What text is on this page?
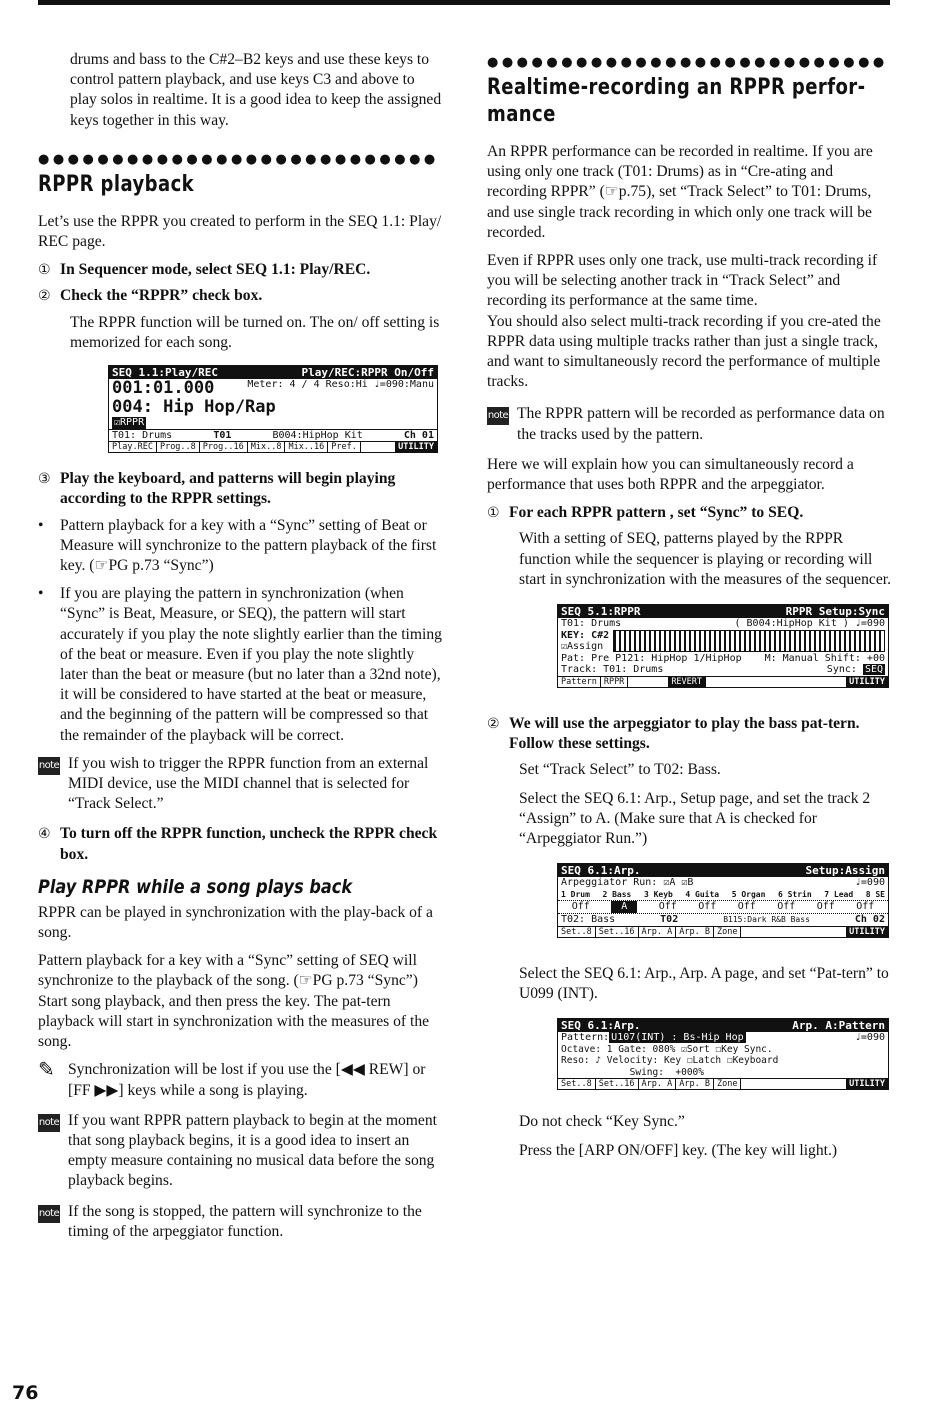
drums and bass to the C#2–B2 keys and use these keys to control pattern playback, and use keys C3 and above to play solos in realtime. It is a good idea to keep the assigned keys together in this way.

●●●●●●●●●●●●●●●●●●●●●●●●●●●
RPPR playback

Let’s use the RPPR you created to perform in the SEQ 1.1: Play/ REC page.

① In Sequencer mode, select SEQ 1.1: Play/REC.
② Check the “RPPR” check box.

The RPPR function will be turned on. The on/ off setting is memorized for each song.

SEQ 1.1:Play/REC	Play/REC:RPPR On/Off
001:01.000	Meter: 4 / 4 Reso:Hi ♩=090:Manu
004: Hip Hop/Rap
☑RPPR
T01: Drums	T01	B004:HipHop Kit	Ch 01
Play.REC Prog..8 Prog..16 Mix..8 Mix..16 Pref.	UTILITY
③ Play the keyboard, and patterns will begin playing according to the RPPR settings.
•	Pattern playback for a key with a “Sync” setting of Beat or Measure will synchronize to the pattern playback of the first key. (☞PG p.73 “Sync”)
•	If you are playing the pattern in synchronization (when “Sync” is Beat, Measure, or SEQ), the pattern will start accurately if you play the note slightly earlier than the timing of the beat or measure. Even if you play the note slightly later than the beat or measure (but no later than a 32nd note), it will be considered to have started at the beat or measure, and the beginning of the pattern will be compressed so that the remainder of the playback will be correct.
note If you wish to trigger the RPPR function from an external MIDI device, use the MIDI channel that is selected for “Track Select.”
④ To turn off the RPPR function, uncheck the RPPR check box.
Play RPPR while a song plays back

RPPR can be played in synchronization with the play-back of a song.

Pattern playback for a key with a “Sync” setting of SEQ will synchronize to the playback of the song. (☞PG p.73 “Sync”)

Start song playback, and then press the key. The pat-tern playback will start in synchronization with the measures of the song.

✎ Synchronization will be lost if you use the [◀◀ REW] or [FF ▶▶] keys while a song is playing.
note If you want RPPR pattern playback to begin at the moment that song playback begins, it is a good idea to insert an empty measure containing no musical data before the song playback begins.
note If the song is stopped, the pattern will synchronize to the timing of the arpeggiator function.
●●●●●●●●●●●●●●●●●●●●●●●●●●●
Realtime-recording an RPPR perfor-mance

An RPPR performance can be recorded in realtime. If you are using only one track (T01: Drums) as in “Cre-ating and recording RPPR” (☞p.75), set “Track Select” to T01: Drums, and use single track recording in which only one track will be recorded.

Even if RPPR uses only one track, use multi-track recording if you will be selecting another track in “Track Select” and recording its performance at the same time.

You should also select multi-track recording if you cre-ated the RPPR data using multiple tracks rather than just a single track, and want to simultaneously record the performance of multiple tracks.

note The RPPR pattern will be recorded as performance data on the tracks used by the pattern.

Here we will explain how you can simultaneously record a performance that uses both RPPR and the arpeggiator.

① For each RPPR pattern , set “Sync” to SEQ.

With a setting of SEQ, patterns played by the RPPR function while the sequencer is playing or recording will start in synchronization with the measures of the sequencer.

SEQ 5.1:RPPR	RPPR Setup:Sync
T01: Drums	( B004:HipHop Kit ) ♩=090
KEY: C#2
☑Assign
Pat: Pre P121: HipHop 1/HipHop M: Manual Shift: +00
Track: T01: Drums	Sync: SEQ
Pattern RPPR	REVERT	UTILITY
② We will use the arpeggiator to play the bass pat-tern. Follow these settings.

Set “Track Select” to T02: Bass.

Select the SEQ 6.1: Arp., Setup page, and set the track 2 “Assign” to A. (Make sure that A is checked for “Arpeggiator Run.”)

SEQ 6.1:Arp.	Setup:Assign
Arpeggiator Run: ☑A ☑B	♩=090
1 Drum 2 Bass 3 Keyb 4 Guita 5 Organ 6 Strin 7 Lead 8 SE
Off	A	Off Off Off Off Off Off
T02: Bass	T02	B115:Dark R&B Bass	Ch 02
Set..8 Set..16 Arp. A Arp. B Zone	UTILITY

Select the SEQ 6.1: Arp., Arp. A page, and set “Pat-tern” to U099 (INT).

SEQ 6.1:Arp.	Arp. A:Pattern
Pattern: U107(INT) : Bs-Hip Hop	♩=090
Octave: 1 Gate: 080% ☑Sort ☐Key Sync.
Reso: ♪ Velocity: Key ☐Latch ☐Keyboard
Swing:  +000%
Set..8 Set..16 Arp. A Arp. B Zone	UTILITY

Do not check “Key Sync.”

Press the [ARP ON/OFF] key. (The key will light.)

76
